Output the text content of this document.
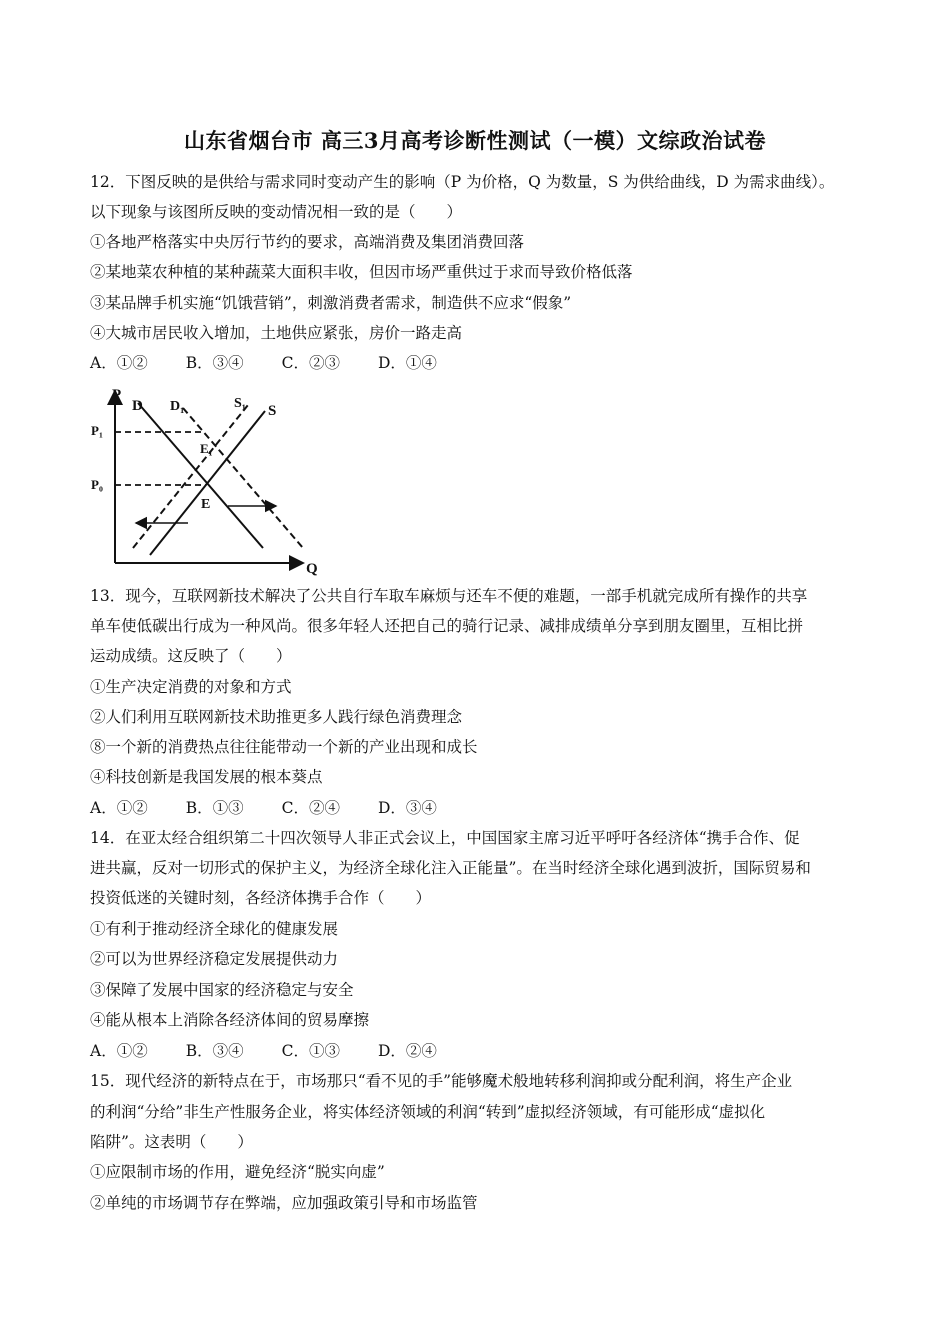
山东省烟台市 高三3月高考诊断性测试（一模）文综政治试卷
12．下图反映的是供给与需求同时变动产生的影响（P 为价格，Q 为数量，S 为供给曲线，D 为需求曲线）。
以下现象与该图所反映的变动情况相一致的是（　　）
①各地严格落实中央厉行节约的要求，高端消费及集团消费回落
②某地菜农种植的某种蔬菜大面积丰收，但因市场严重供过于求而导致价格低落
③某品牌手机实施“饥饿营销”，刺激消费者需求，制造供不应求“假象”
④大城市居民收入增加，土地供应紧张，房价一路走高
A．①② B．③④ C．②③ D．①④
P
Q
P₁
P₀
D D₁	S₁ S
E₁
E
13．现今，互联网新技术解决了公共自行车取车麻烦与还车不便的难题，一部手机就完成所有操作的共享
单车使低碳出行成为一种风尚。很多年轻人还把自己的骑行记录、减排成绩单分享到朋友圈里，互相比拼
运动成绩。这反映了（　　）
①生产决定消费的对象和方式
②人们利用互联网新技术助推更多人践行绿色消费理念
⑧一个新的消费热点往往能带动一个新的产业出现和成长
④科技创新是我国发展的根本葵点
A．①② B．①③ C．②④ D．③④
14．在亚太经合组织第二十四次领导人非正式会议上，中国国家主席习近平呼吁各经济体“携手合作、促
进共赢，反对一切形式的保护主义，为经济全球化注入正能量”。在当时经济全球化遇到波折，国际贸易和
投资低迷的关键时刻，各经济体携手合作（　　）
①有利于推动经济全球化的健康发展
②可以为世界经济稳定发展提供动力
③保障了发展中国家的经济稳定与安全
④能从根本上消除各经济体间的贸易摩擦
A．①② B．③④ C．①③ D．②④
15．现代经济的新特点在于，市场那只“看不见的手”能够魔术般地转移利润抑或分配利润，将生产企业
的利润“分给”非生产性服务企业，将实体经济领域的利润“转到”虚拟经济领域，有可能形成“虚拟化
陷阱”。这表明（　　）
①应限制市场的作用，避免经济“脱实向虚”
②单纯的市场调节存在弊端，应加强政策引导和市场监管
